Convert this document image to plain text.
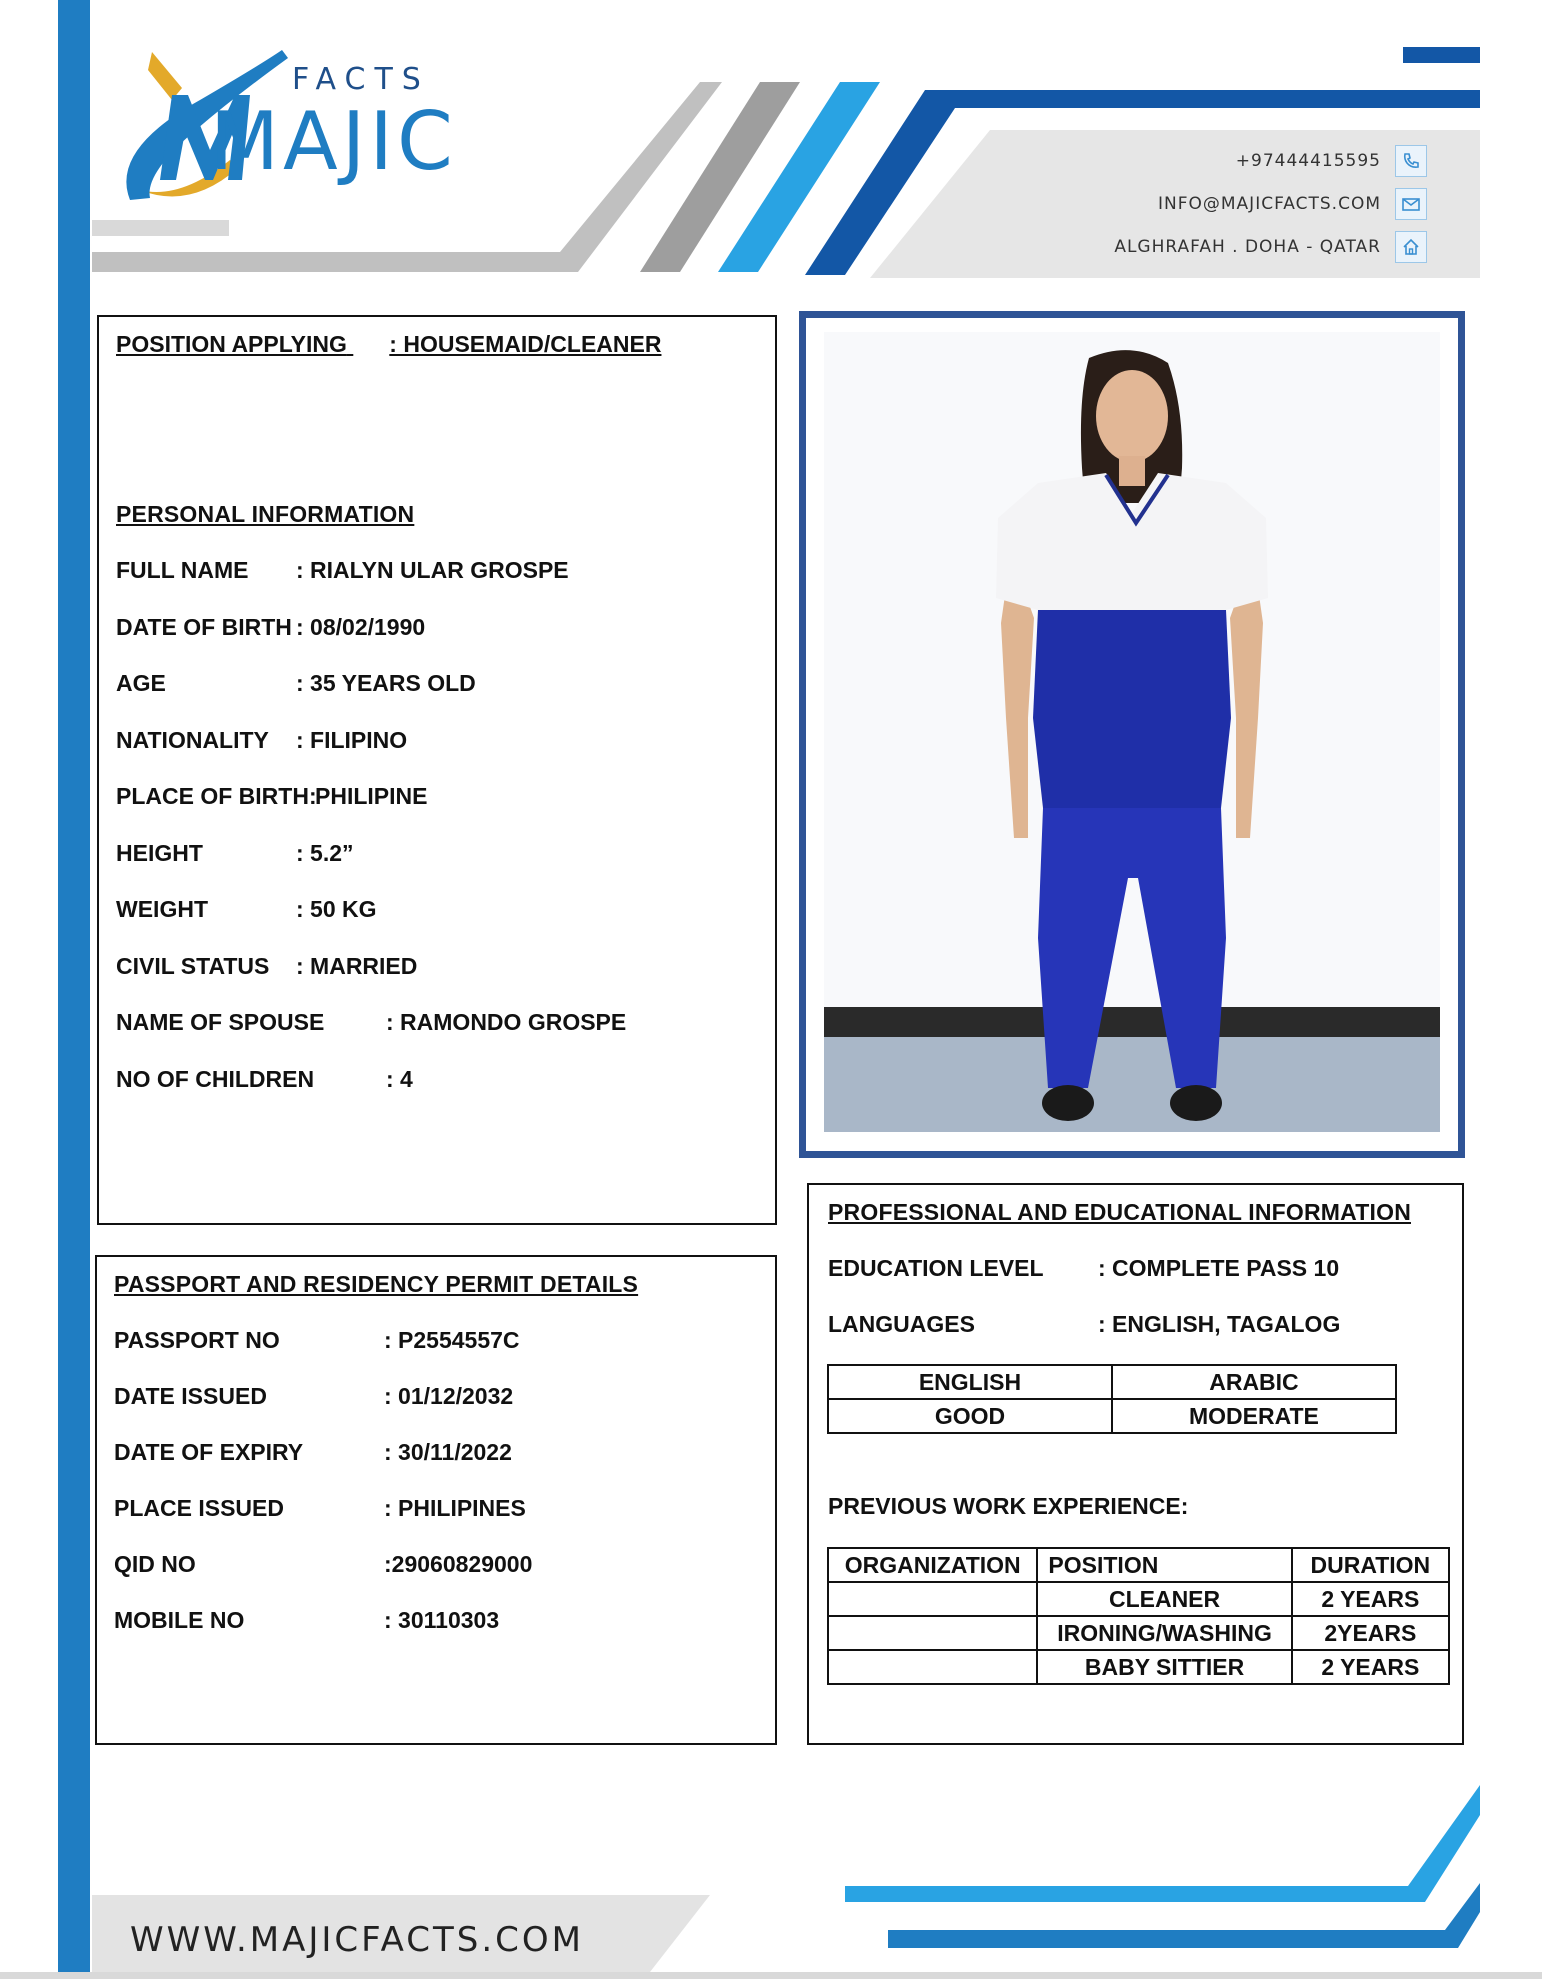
FACTS
MAJIC	+97444415595
INFO@MAJICFACTS.COM
ALGHRAFAH . DOHA - QATAR
POSITION APPLYING : HOUSEMAID/CLEANER
PERSONAL INFORMATION
FULL NAME : RIALYN ULAR GROSPE
DATE OF BIRTH : 08/02/1990
AGE	: 35 YEARS OLD
NATIONALITY : FILIPINO
PLACE OF BIRTH:
PHILIPINE
HEIGHT	: 5.2”
WEIGHT	: 50 KG
CIVIL STATUS : MARRIED
NAME OF SPOUSE	: RAMONDO GROSPE
NO OF CHILDREN	: 4
PASSPORT AND RESIDENCY PERMIT DETAILS
PASSPORT NO	: P2554557C
DATE ISSUED	: 01/12/2032
DATE OF EXPIRY	: 30/11/2022
PLACE ISSUED	: PHILIPINES
QID NO	:29060829000
MOBILE NO	: 30110303
PROFESSIONAL AND EDUCATIONAL INFORMATION
EDUCATION LEVEL : COMPLETE PASS 10
LANGUAGES	: ENGLISH, TAGALOG
ENGLISH	ARABIC
GOOD	MODERATE
PREVIOUS WORK EXPERIENCE:
ORGANIZATION	POSITION	DURATION
	CLEANER	2 YEARS
	IRONING/WASHING	2YEARS
	BABY SITTIER	2 YEARS
WWW.MAJICFACTS.COM
